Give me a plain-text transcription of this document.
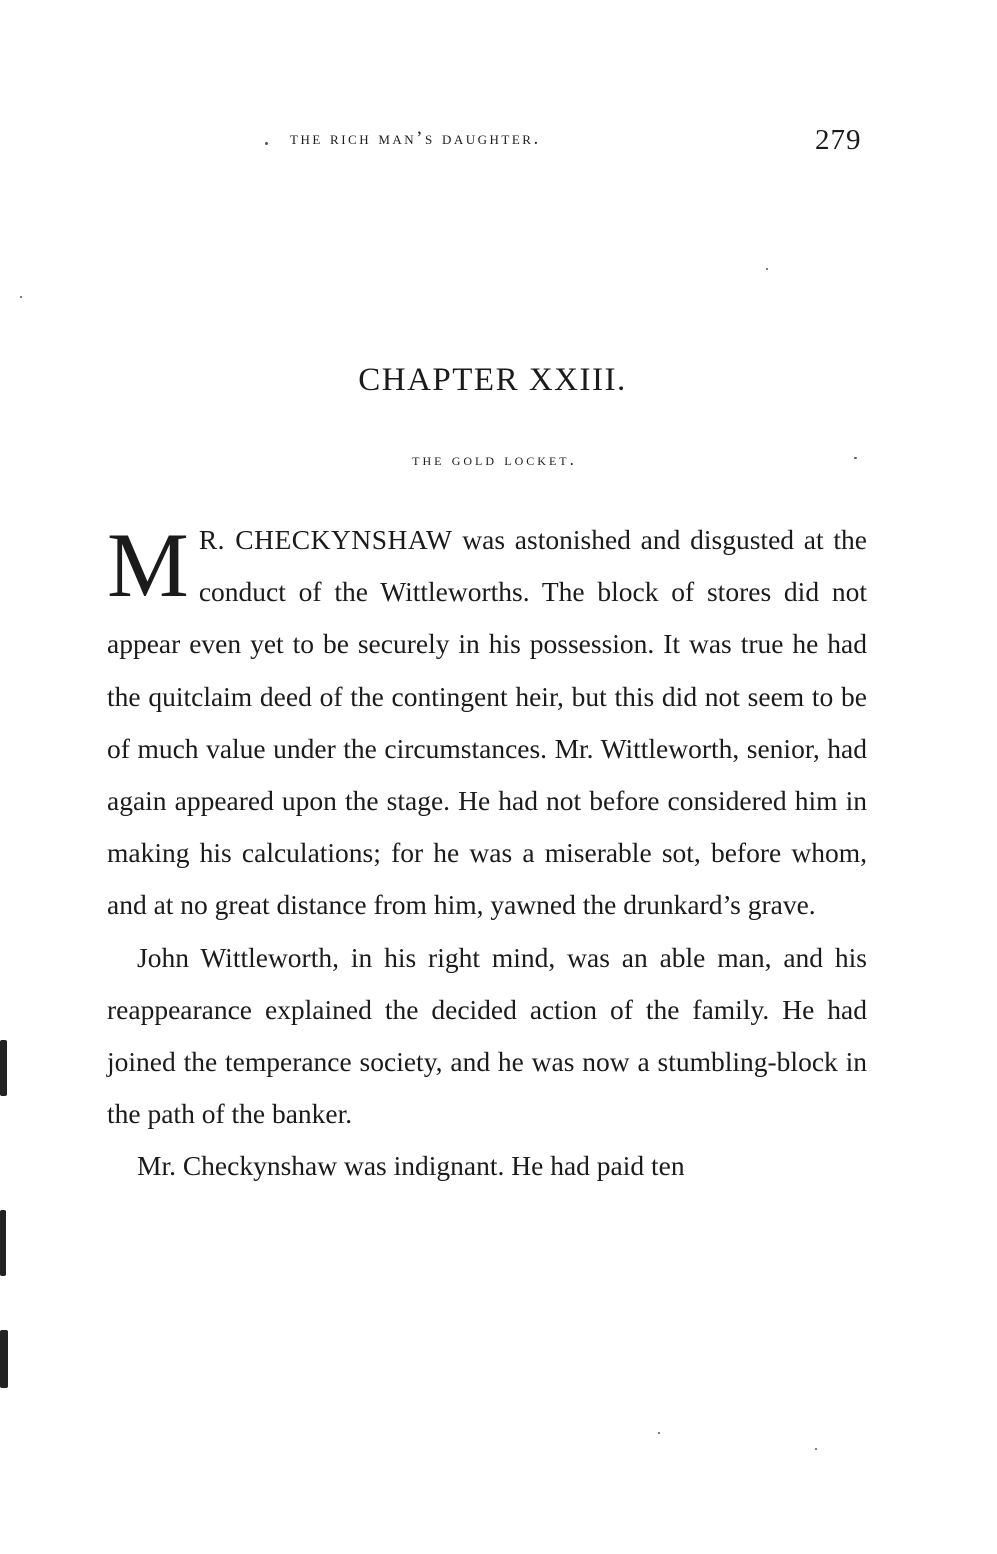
the rich man’s daughter.	279
CHAPTER XXIII.
the gold locket.

M R. CHECKYNSHAW was astonished and disgusted at the conduct of the Wittleworths. The block of stores did not appear even yet to be securely in his possession. It was true he had the quitclaim deed of the contingent heir, but this did not seem to be of much value under the circumstances. Mr. Wittleworth, senior, had again appeared upon the stage. He had not before considered him in making his calculations; for he was a miserable sot, before whom, and at no great distance from him, yawned the drunkard’s grave.

John Wittleworth, in his right mind, was an able man, and his reappearance explained the decided action of the family. He had joined the temperance society, and he was now a stumbling-block in the path of the banker.

Mr. Checkynshaw was indignant. He had paid ten
